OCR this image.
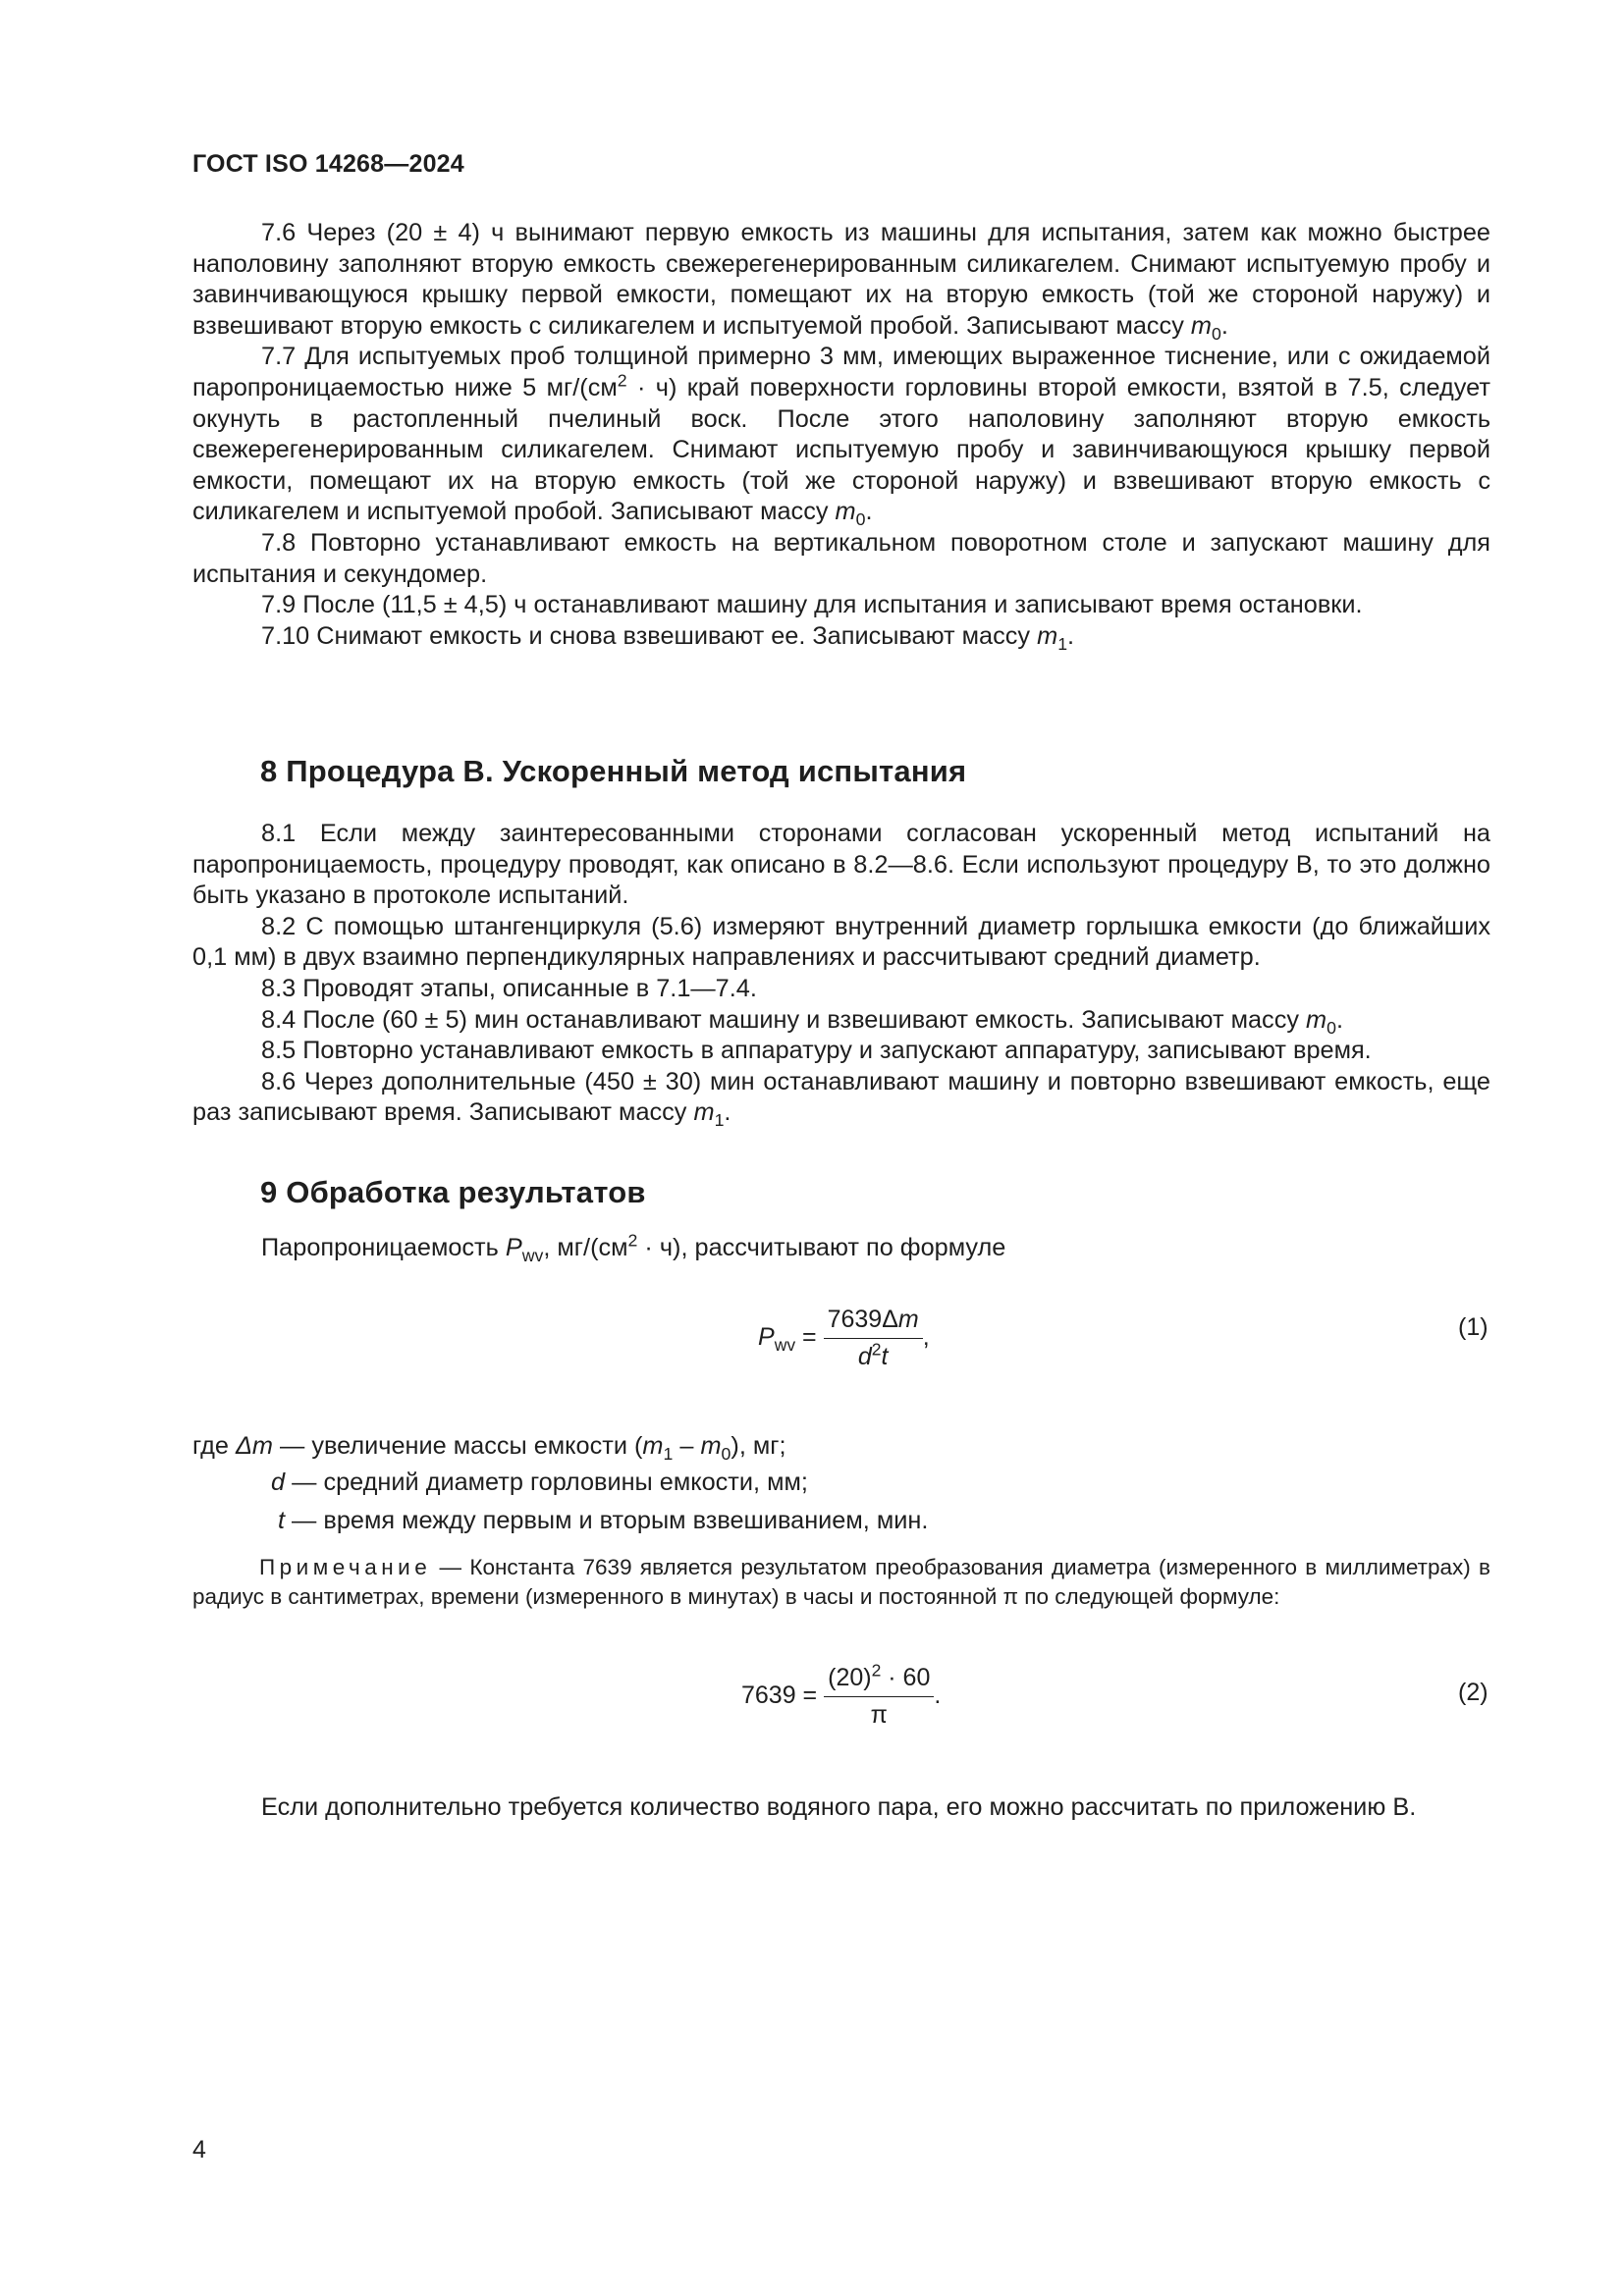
ГОСТ ISO 14268—2024

7.6 Через (20 ± 4) ч вынимают первую емкость из машины для испытания, затем как можно быстрее наполовину заполняют вторую емкость свежерегенерированным силикагелем. Снимают испытуемую пробу и завинчивающуюся крышку первой емкости, помещают их на вторую емкость (той же стороной наружу) и взвешивают вторую емкость с силикагелем и испытуемой пробой. Записывают массу $m_0$.

7.7 Для испытуемых проб толщиной примерно 3 мм, имеющих выраженное тиснение, или с ожидаемой паропроницаемостью ниже 5 $мг/(см^2 \cdot ч)$ край поверхности горловины второй емкости, взятой в 7.5, следует окунуть в растопленный пчелиный воск. После этого наполовину заполняют вторую емкость свежерегенерированным силикагелем. Снимают испытуемую пробу и завинчивающуюся крышку первой емкости, помещают их на вторую емкость (той же стороной наружу) и взвешивают вторую емкость с силикагелем и испытуемой пробой. Записывают массу $m_0$.

7.8 Повторно устанавливают емкость на вертикальном поворотном столе и запускают машину для испытания и секундомер.

7.9 После (11,5 ± 4,5) ч останавливают машину для испытания и записывают время остановки.

7.10 Снимают емкость и снова взвешивают ее. Записывают массу $m_1$.

8 Процедура В. Ускоренный метод испытания

8.1 Если между заинтересованными сторонами согласован ускоренный метод испытаний на паропроницаемость, процедуру проводят, как описано в 8.2—8.6. Если используют процедуру В, то это должно быть указано в протоколе испытаний.

8.2 С помощью штангенциркуля (5.6) измеряют внутренний диаметр горлышка емкости (до ближайших 0,1 мм) в двух взаимно перпендикулярных направлениях и рассчитывают средний диаметр.

8.3 Проводят этапы, описанные в 7.1—7.4.

8.4 После (60 ± 5) мин останавливают машину и взвешивают емкость. Записывают массу $m_0$.

8.5 Повторно устанавливают емкость в аппаратуру и запускают аппаратуру, записывают время.

8.6 Через дополнительные (450 ± 30) мин останавливают машину и повторно взвешивают емкость, еще раз записывают время. Записывают массу $m_1$.

9 Обработка результатов

Паропроницаемость $P_{wv}$, $мг/(см^2 \cdot ч)$, рассчитывают по формуле

$P_{wv} = \frac{7639\Delta m}{d^2t}$ ,	(1)
где Δm — увеличение массы емкости $(m_1 - m_0)$, мг;
d — средний диаметр горловины емкости, мм;
t — время между первым и вторым взвешиванием, мин.
Примечание — Константа 7639 является результатом преобразования диаметра (измеренного в миллиметрах) в радиус в сантиметрах, времени (измеренного в минутах) в часы и постоянной π по следующей формуле:
$7639 = \frac{(20)^2 \cdot 60}{\pi}$ .	(2)

Если дополнительно требуется количество водяного пара, его можно рассчитать по приложению В.

4
